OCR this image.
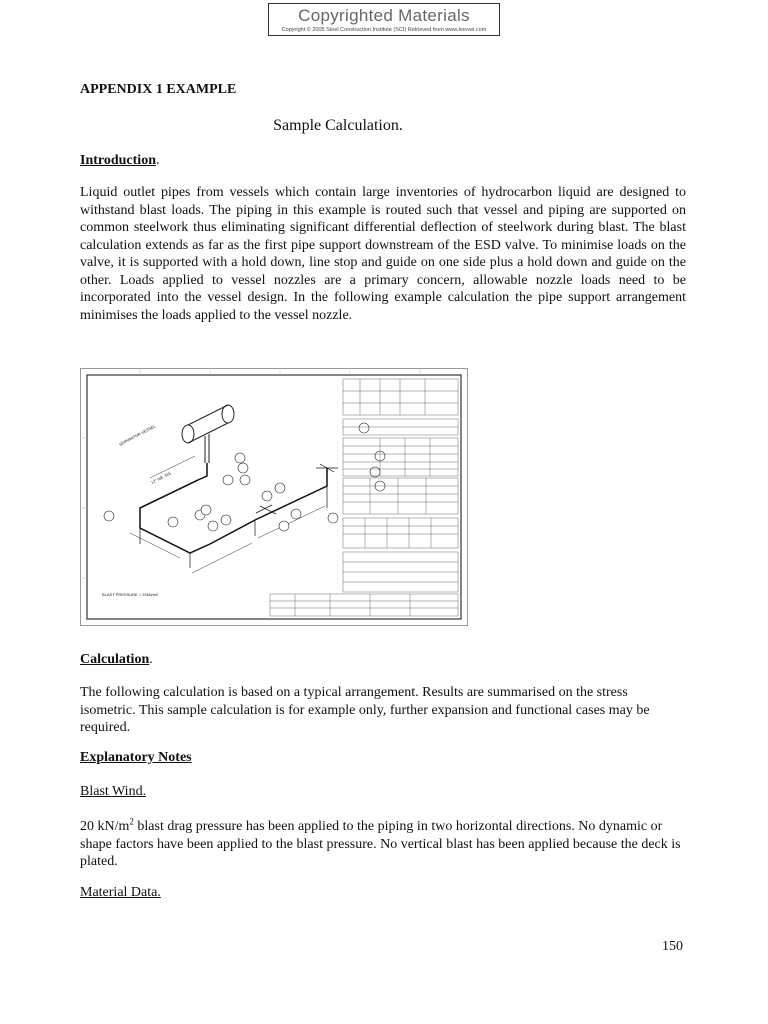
Copyrighted Materials
Copyright © 2005 Steel Construction Institute (SCI) Retrieved from www.knovel.com
APPENDIX 1 EXAMPLE
Sample Calculation.
Introduction.
Liquid outlet pipes from vessels which contain large inventories of hydrocarbon liquid are designed to withstand blast loads. The piping in this example is routed such that vessel and piping are supported on common steelwork thus eliminating significant differential deflection of steelwork during blast. The blast calculation extends as far as the first pipe support downstream of the ESD valve. To minimise loads on the valve, it is supported with a hold down, line stop and guide on one side plus a hold down and guide on the other. Loads applied to vessel nozzles are a primary concern, allowable nozzle loads need to be incorporated into the vessel design. In the following example calculation the pipe support arrangement minimises the loads applied to the vessel nozzle.
SEPARATOR VESSEL
12" NB, 316
BLAST PRESSURE = 20kN/m2
Calculation.
The following calculation is based on a typical arrangement. Results are summarised on the stress isometric. This sample calculation is for example only, further expansion and functional cases may be required.
Explanatory Notes
Blast Wind.
20 $kN/m^2$ blast drag pressure has been applied to the piping in two horizontal directions. No dynamic or shape factors have been applied to the blast pressure. No vertical blast has been applied because the deck is plated.
Material Data.
150
